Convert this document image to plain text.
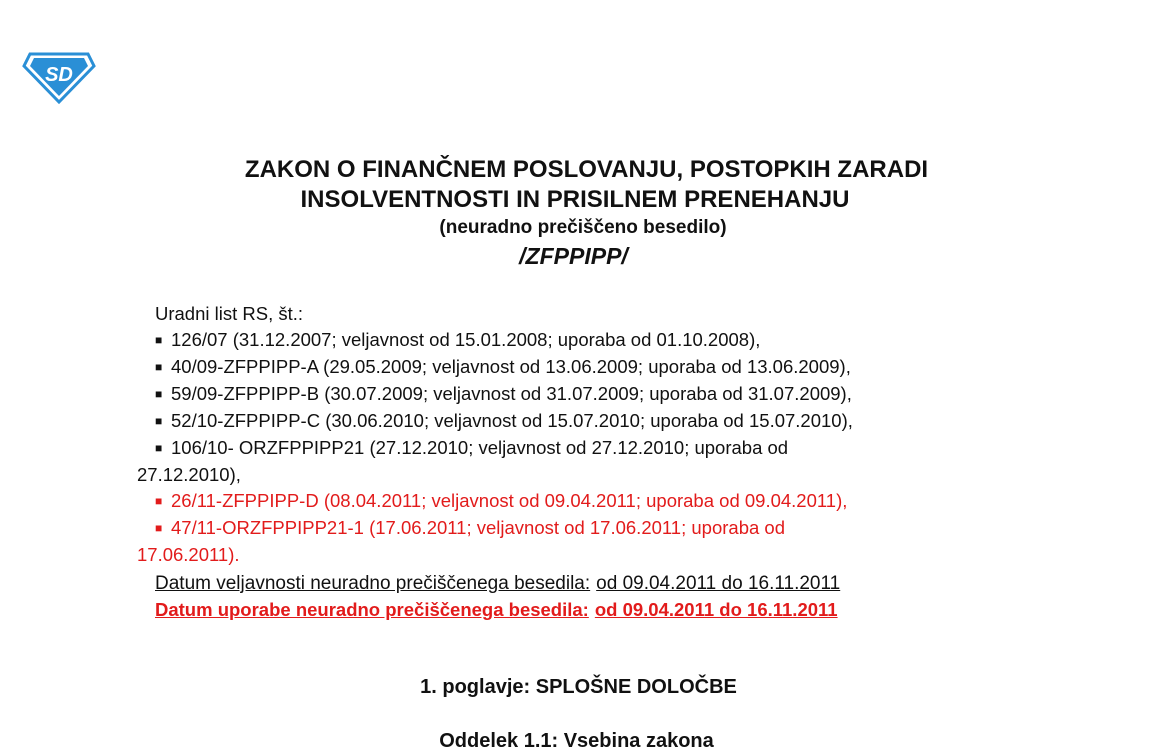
SD
ZAKON O FINANČNEM POSLOVANJU, POSTOPKIH ZARADI
INSOLVENTNOSTI IN PRISILNEM PRENEHANJU
(neuradno prečiščeno besedilo)
/ZFPPIPP/
Uradni list RS, št.:
■ 126/07 (31.12.2007; veljavnost od 15.01.2008; uporaba od 01.10.2008),
■ 40/09-ZFPPIPP-A (29.05.2009; veljavnost od 13.06.2009; uporaba od 13.06.2009),
■ 59/09-ZFPPIPP-B (30.07.2009; veljavnost od 31.07.2009; uporaba od 31.07.2009),
■ 52/10-ZFPPIPP-C (30.06.2010; veljavnost od 15.07.2010; uporaba od 15.07.2010),
■ 106/10- ORZFPPIPP21 (27.12.2010; veljavnost od 27.12.2010; uporaba od
27.12.2010),
■ 26/11-ZFPPIPP-D (08.04.2011; veljavnost od 09.04.2011; uporaba od 09.04.2011),
■ 47/11-ORZFPPIPP21-1 (17.06.2011; veljavnost od 17.06.2011; uporaba od
17.06.2011).
Datum veljavnosti neuradno prečiščenega besedila: od 09.04.2011 do 16.11.2011
Datum uporabe neuradno prečiščenega besedila: od 09.04.2011 do 16.11.2011
1. poglavje: SPLOŠNE DOLOČBE
Oddelek 1.1: Vsebina zakona
